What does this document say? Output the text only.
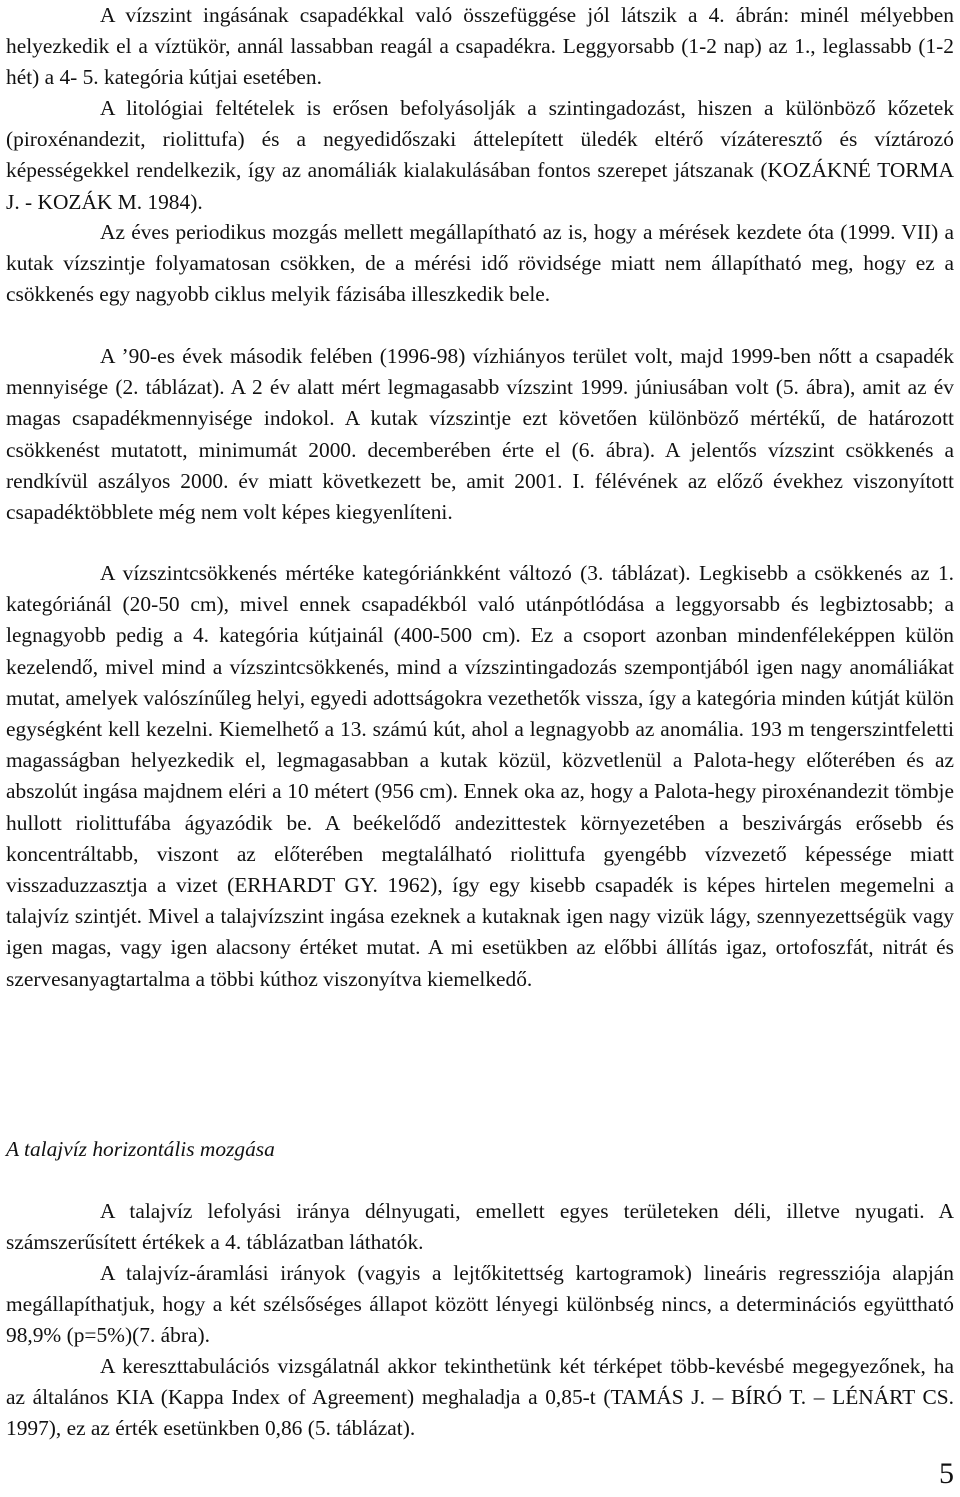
A vízszint ingásának csapadékkal való összefüggése jól látszik a 4. ábrán: minél mélyebben helyezkedik el a víztükör, annál lassabban reagál a csapadékra. Leggyorsabb (1-2 nap) az 1., leglassabb (1-2 hét) a 4- 5. kategória kútjai esetében.

A litológiai feltételek is erősen befolyásolják a szintingadozást, hiszen a különböző kőzetek (piroxénandezit, riolittufa) és a negyedidőszaki áttelepített üledék eltérő vízáteresztő és víztározó képességekkel rendelkezik, így az anomáliák kialakulásában fontos szerepet játszanak (KOZÁKNÉ TORMA J. - KOZÁK M. 1984).

Az éves periodikus mozgás mellett megállapítható az is, hogy a mérések kezdete óta (1999. VII) a kutak vízszintje folyamatosan csökken, de a mérési idő rövidsége miatt nem állapítható meg, hogy ez a csökkenés egy nagyobb ciklus melyik fázisába illeszkedik bele.

A ’90-es évek második felében (1996-98) vízhiányos terület volt, majd 1999-ben nőtt a csapadék mennyisége (2. táblázat). A 2 év alatt mért legmagasabb vízszint 1999. júniusában volt (5. ábra), amit az év magas csapadékmennyisége indokol. A kutak vízszintje ezt követően különböző mértékű, de határozott csökkenést mutatott, minimumát 2000. decemberében érte el (6. ábra). A jelentős vízszint csökkenés a rendkívül aszályos 2000. év miatt következett be, amit 2001. I. félévének az előző évekhez viszonyított csapadéktöbblete még nem volt képes kiegyenlíteni.

A vízszintcsökkenés mértéke kategóriánkként változó (3. táblázat). Legkisebb a csökkenés az 1. kategóriánál (20-50 cm), mivel ennek csapadékból való utánpótlódása a leggyorsabb és legbiztosabb; a legnagyobb pedig a 4. kategória kútjainál (400-500 cm). Ez a csoport azonban mindenféleképpen külön kezelendő, mivel mind a vízszintcsökkenés, mind a vízszintingadozás szempontjából igen nagy anomáliákat mutat, amelyek valószínűleg helyi, egyedi adottságokra vezethetők vissza, így a kategória minden kútját külön egységként kell kezelni. Kiemelhető a 13. számú kút, ahol a legnagyobb az anomália. 193 m tengerszintfeletti magasságban helyezkedik el, legmagasabban a kutak közül, közvetlenül a Palota-hegy előterében és az abszolút ingása majdnem eléri a 10 métert (956 cm). Ennek oka az, hogy a Palota-hegy piroxénandezit tömbje hullott riolittufába ágyazódik be. A beékelődő andezittestek környezetében a beszivárgás erősebb és koncentráltabb, viszont az előterében megtalálható riolittufa gyengébb vízvezető képessége miatt visszaduzzasztja a vizet (ERHARDT GY. 1962), így egy kisebb csapadék is képes hirtelen megemelni a talajvíz szintjét. Mivel a talajvízszint ingása ezeknek a kutaknak igen nagy vizük lágy, szennyezettségük vagy igen magas, vagy igen alacsony értéket mutat. A mi esetükben az előbbi állítás igaz, ortofoszfát, nitrát és szervesanyagtartalma a többi kúthoz viszonyítva kiemelkedő.

A talajvíz horizontális mozgása

A talajvíz lefolyási iránya délnyugati, emellett egyes területeken déli, illetve nyugati. A számszerűsített értékek a 4. táblázatban láthatók.

A talajvíz-áramlási irányok (vagyis a lejtőkitettség kartogramok) lineáris regressziója alapján megállapíthatjuk, hogy a két szélsőséges állapot között lényegi különbség nincs, a determinációs együttható 98,9% (p=5%)(7. ábra).

A kereszttabulációs vizsgálatnál akkor tekinthetünk két térképet több-kevésbé megegyezőnek, ha az általános KIA (Kappa Index of Agreement) meghaladja a 0,85-t (TAMÁS J. – BÍRÓ T. – LÉNÁRT CS. 1997), ez az érték esetünkben 0,86 (5. táblázat).

5
